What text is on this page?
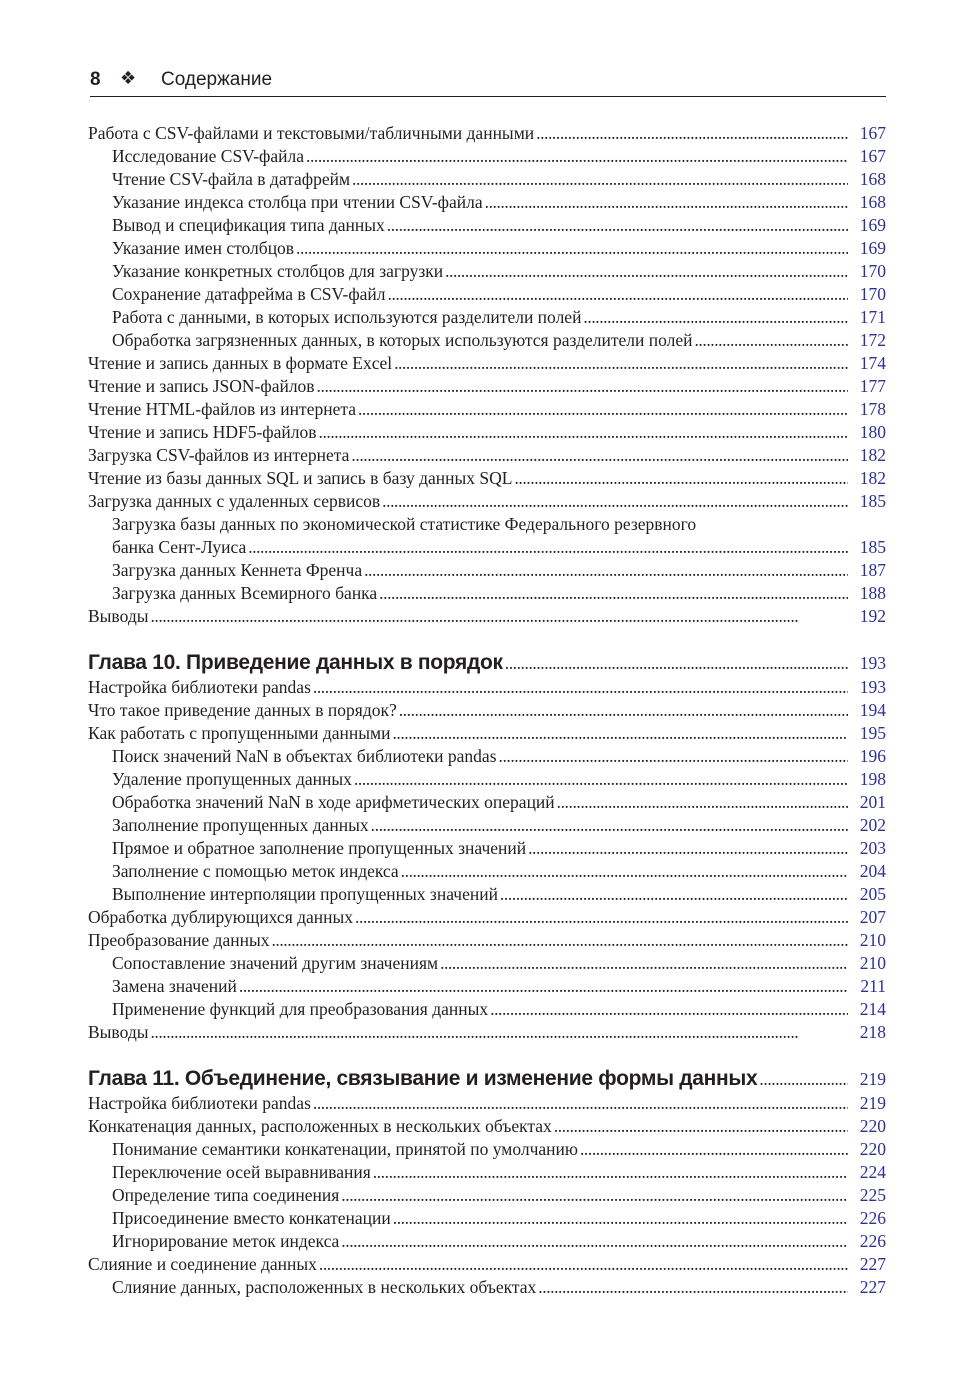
8 ❖ Содержание
Работа с CSV-файлами и текстовыми/табличными данными . . .	167
Исследование CSV-файла . . .	167
Чтение CSV-файла в датафрейм . . .	168
Указание индекса столбца при чтении CSV-файла . . .	168
Вывод и спецификация типа данных . . .	169
Указание имен столбцов . . .	169
Указание конкретных столбцов для загрузки . . .	170
Сохранение датафрейма в CSV-файл . . .	170
Работа с данными, в которых используются разделители полей . . .	171
Обработка загрязненных данных, в которых используются разделители полей . . .	172
Чтение и запись данных в формате Excel . . .	174
Чтение и запись JSON-файлов . . .	177
Чтение HTML-файлов из интернета . . .	178
Чтение и запись HDF5-файлов . . .	180
Загрузка CSV-файлов из интернета . . .	182
Чтение из базы данных SQL и запись в базу данных SQL . . .	182
Загрузка данных с удаленных сервисов . . .	185
Загрузка базы данных по экономической статистике Федерального резервного
банка Сент-Луиса . . .	185
Загрузка данных Кеннета Френча . . .	187
Загрузка данных Всемирного банка . . .	188
Выводы . . .	192
Глава 10. Приведение данных в порядок . . .	193
Настройка библиотеки pandas . . .	193
Что такое приведение данных в порядок? . . .	194
Как работать с пропущенными данными . . .	195
Поиск значений NaN в объектах библиотеки pandas . . .	196
Удаление пропущенных данных . . .	198
Обработка значений NaN в ходе арифметических операций . . .	201
Заполнение пропущенных данных . . .	202
Прямое и обратное заполнение пропущенных значений . . .	203
Заполнение с помощью меток индекса . . .	204
Выполнение интерполяции пропущенных значений . . .	205
Обработка дублирующихся данных . . .	207
Преобразование данных . . .	210
Сопоставление значений другим значениям . . .	210
Замена значений . . .	211
Применение функций для преобразования данных . . .	214
Выводы . . .	218
Глава 11. Объединение, связывание и изменение формы данных . . .	219
Настройка библиотеки pandas . . .	219
Конкатенация данных, расположенных в нескольких объектах . . .	220
Понимание семантики конкатенации, принятой по умолчанию . . .	220
Переключение осей выравнивания . . .	224
Определение типа соединения . . .	225
Присоединение вместо конкатенации . . .	226
Игнорирование меток индекса . . .	226
Слияние и соединение данных . . .	227
Слияние данных, расположенных в нескольких объектах . . .	227
